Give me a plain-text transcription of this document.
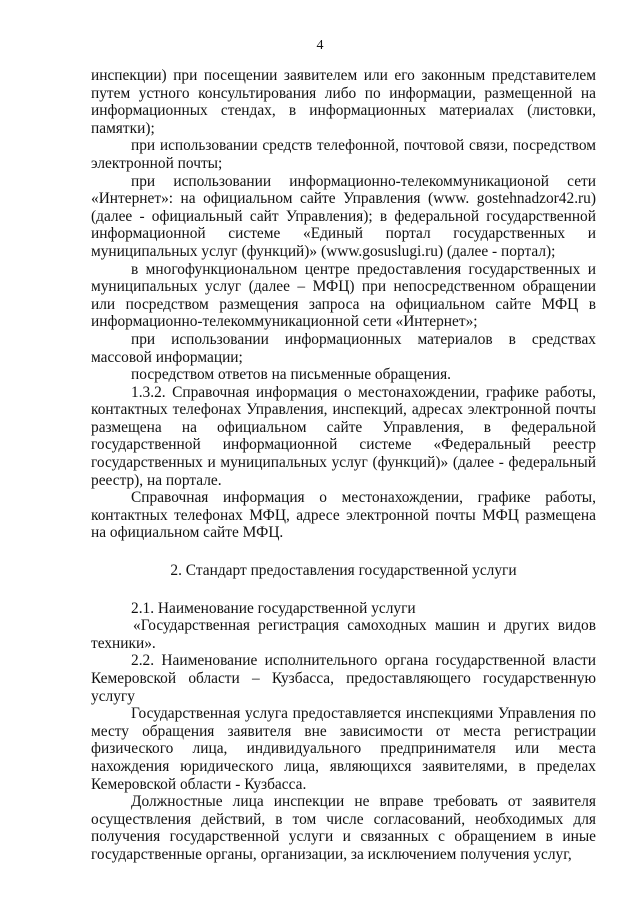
4

инспекции) при посещении заявителем или его законным представителем путем устного консультирования либо по информации, размещенной на информационных стендах, в информационных материалах (листовки, памятки);

при использовании средств телефонной, почтовой связи, посредством электронной почты;

при использовании информационно-телекоммуникационой сети «Интернет»: на официальном сайте Управления (www. gostehnadzor42.ru) (далее - официальный сайт Управления); в федеральной государственной информационной системе «Единый портал государственных и муниципальных услуг (функций)» (www.gosuslugi.ru) (далее - портал);

в многофункциональном центре предоставления государственных и муниципальных услуг (далее – МФЦ) при непосредственном обращении или посредством размещения запроса на официальном сайте МФЦ в информационно-телекоммуникационной сети «Интернет»;

при использовании информационных материалов в средствах массовой информации;

посредством ответов на письменные обращения.

1.3.2. Справочная информация о местонахождении, графике работы, контактных телефонах Управления, инспекций, адресах электронной почты размещена на официальном сайте Управления, в федеральной государственной информационной системе «Федеральный реестр государственных и муниципальных услуг (функций)» (далее - федеральный реестр), на портале.

Справочная информация о местонахождении, графике работы, контактных телефонах МФЦ, адресе электронной почты МФЦ размещена на официальном сайте МФЦ.

2. Стандарт предоставления государственной услуги

2.1. Наименование государственной услуги

«Государственная регистрация самоходных машин и других видов техники».

2.2. Наименование исполнительного органа государственной власти Кемеровской области – Кузбасса, предоставляющего государственную услугу

Государственная услуга предоставляется инспекциями Управления по месту обращения заявителя вне зависимости от места регистрации физического лица, индивидуального предпринимателя или места нахождения юридического лица, являющихся заявителями, в пределах Кемеровской области - Кузбасса.

Должностные лица инспекции не вправе требовать от заявителя осуществления действий, в том числе согласований, необходимых для получения государственной услуги и связанных с обращением в иные государственные органы, организации, за исключением получения услуг,
